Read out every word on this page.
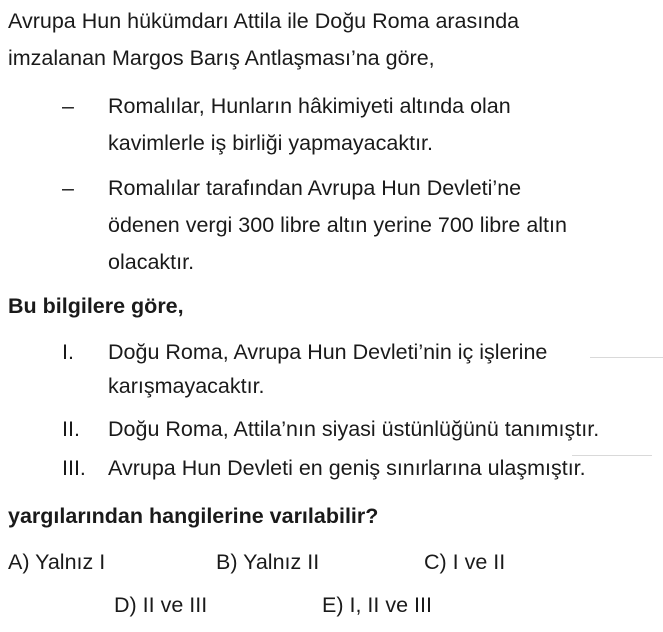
Avrupa Hun hükümdarı Attila ile Doğu Roma arasında
imzalanan Margos Barış Antlaşması’na göre,
– Romalılar, Hunların hâkimiyeti altında olan
kavimlerle iş birliği yapmayacaktır.
– Romalılar tarafından Avrupa Hun Devleti’ne
ödenen vergi 300 libre altın yerine 700 libre altın
olacaktır.
Bu bilgilere göre,
I. Doğu Roma, Avrupa Hun Devleti’nin iç işlerine
karışmayacaktır.
II. Doğu Roma, Attila’nın siyasi üstünlüğünü tanımıştır.
III. Avrupa Hun Devleti en geniş sınırlarına ulaşmıştır.
yargılarından hangilerine varılabilir?
A) Yalnız I	B) Yalnız II	C) I ve II
D) II ve III	E) I, II ve III
